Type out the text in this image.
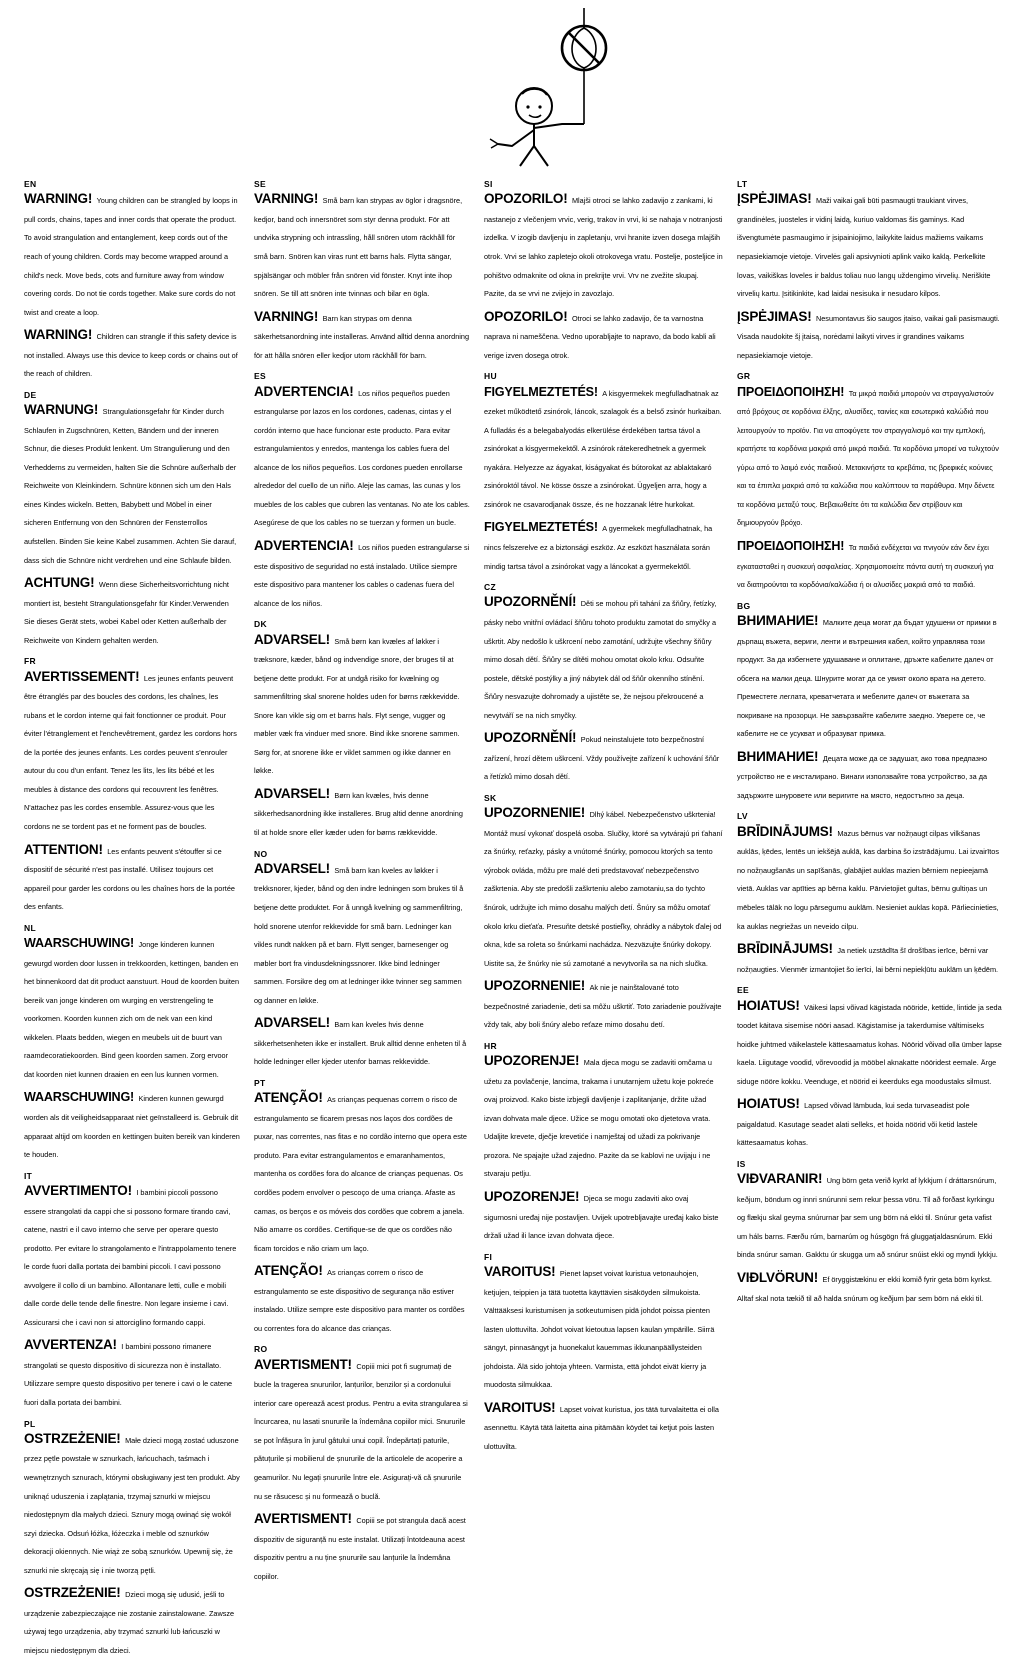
EN
WARNING! Young children can be strangled by loops in pull cords, chains, tapes and inner cords that operate the product. To avoid strangulation and entanglement, keep cords out of the reach of young children. Cords may become wrapped around a child's neck. Move beds, cots and furniture away from window covering cords. Do not tie cords together. Make sure cords do not twist and create a loop.
WARNING! Children can strangle if this safety device is not installed. Always use this device to keep cords or chains out of the reach of children.
DE
WARNUNG! Strangulationsgefahr für Kinder durch Schlaufen in Zugschnüren, Ketten, Bändern und der inneren Schnur, die dieses Produkt lenkent. Um Strangulierung und den Verhedderns zu vermeiden, halten Sie die Schnüre außerhalb der Reichweite von Kleinkindern. Schnüre können sich um den Hals eines Kindes wickeln. Betten, Babybett und Möbel in einer sicheren Entfernung von den Schnüren der Fensterrollos aufstellen. Binden Sie keine Kabel zusammen. Achten Sie darauf, dass sich die Schnüre nicht verdrehen und eine Schlaufe bilden.
ACHTUNG! Wenn diese Sicherheitsvorrichtung nicht montiert ist, besteht Strangulationsgefahr für Kinder.Verwenden Sie dieses Gerät stets, wobei Kabel oder Ketten außerhalb der Reichweite von Kindern gehalten werden.
FR
AVERTISSEMENT! Les jeunes enfants peuvent être étranglés par des boucles des cordons, les chaînes, les rubans et le cordon interne qui fait fonctionner ce produit. Pour éviter l'étranglement et l'enchevêtrement, gardez les cordons hors de la portée des jeunes enfants. Les cordes peuvent s'enrouler autour du cou d'un enfant. Tenez les lits, les lits bébé et les meubles à distance des cordons qui recouvrent les fenêtres. N'attachez pas les cordes ensemble. Assurez-vous que les cordons ne se tordent pas et ne forment pas de boucles.
ATTENTION! Les enfants peuvent s'étouffer si ce dispositif de sécurité n'est pas installé. Utilisez toujours cet appareil pour garder les cordons ou les chaînes hors de la portée des enfants.
NL
WAARSCHUWING! Jonge kinderen kunnen gewurgd worden door lussen in trekkoorden, kettingen, banden en het binnenkoord dat dit product aanstuurt. Houd de koorden buiten bereik van jonge kinderen om wurging en verstrengeling te voorkomen. Koorden kunnen zich om de nek van een kind wikkelen. Plaats bedden, wiegen en meubels uit de buurt van raamdecoratiekoorden. Bind geen koorden samen. Zorg ervoor dat koorden niet kunnen draaien en een lus kunnen vormen.
WAARSCHUWING! Kinderen kunnen gewurgd worden als dit veiligheidsapparaat niet geïnstalleerd is. Gebruik dit apparaat altijd om koorden en kettingen buiten bereik van kinderen te houden.
IT
AVVERTIMENTO! I bambini piccoli possono essere strangolati da cappi che si possono formare tirando cavi, catene, nastri e il cavo interno che serve per operare questo prodotto. Per evitare lo strangolamento e l'intrappolamento tenere le corde fuori dalla portata dei bambini piccoli. I cavi possono avvolgere il collo di un bambino. Allontanare letti, culle e mobili dalle corde delle tende delle finestre. Non legare insieme i cavi. Assicurarsi che i cavi non si attorciglino formando cappi.
AVVERTENZA! I bambini possono rimanere strangolati se questo dispositivo di sicurezza non è installato. Utilizzare sempre questo dispositivo per tenere i cavi o le catene fuori dalla portata dei bambini.
PL
OSTRZEŻENIE! Małe dzieci mogą zostać uduszone przez pętle powstałe w sznurkach, łańcuchach, taśmach i wewnętrznych sznurach, którymi obsługiwany jest ten produkt. Aby uniknąć uduszenia i zaplątania, trzymaj sznurki w miejscu niedostępnym dla małych dzieci. Sznury mogą owinąć się wokół szyi dziecka. Odsuń łóżka, łóżeczka i meble od sznurków dekoracji okiennych. Nie wiąż ze sobą sznurków. Upewnij się, że sznurki nie skręcają się i nie tworzą pętli.
OSTRZEŻENIE! Dzieci mogą się udusić, jeśli to urządzenie zabezpieczające nie zostanie zainstalowane. Zawsze używaj tego urządzenia, aby trzymać sznurki lub łańcuszki w miejscu niedostępnym dla dzieci.
SE
VARNING! Små barn kan strypas av öglor i dragsnöre, kedjor, band och innersnöret som styr denna produkt. För att undvika strypning och intrassling, håll snören utom räckhåll för små barn. Snören kan viras runt ett barns hals. Flytta sängar, spjälsängar och möbler från snören vid fönster. Knyt inte ihop snören. Se till att snören inte tvinnas och bilar en ögla.
VARNING! Barn kan strypas om denna säkerhetsanordning inte installeras. Använd alltid denna anordning för att hålla snören eller kedjor utom räckhåll för barn.
ES
ADVERTENCIA! Los niños pequeños pueden estrangularse por lazos en los cordones, cadenas, cintas y el cordón interno que hace funcionar este producto. Para evitar estrangulamientos y enredos, mantenga los cables fuera del alcance de los niños pequeños. Los cordones pueden enrollarse alrededor del cuello de un niño. Aleje las camas, las cunas y los muebles de los cables que cubren las ventanas. No ate los cables. Asegúrese de que los cables no se tuerzan y formen un bucle.
ADVERTENCIA! Los niños pueden estrangularse si este dispositivo de seguridad no está instalado. Utilice siempre este dispositivo para mantener los cables o cadenas fuera del alcance de los niños.
DK
ADVARSEL! Små børn kan kvæles af løkker i træksnore, kæder, bånd og indvendige snore, der bruges til at betjene dette produkt. For at undgå risiko for kvælning og sammenfiltring skal snorene holdes uden for børns rækkevidde. Snore kan vikle sig om et barns hals. Flyt senge, vugger og møbler væk fra vinduer med snore. Bind ikke snorene sammen. Sørg for, at snorene ikke er viklet sammen og ikke danner en løkke.
ADVARSEL! Børn kan kvæles, hvis denne sikkerhedsanordning ikke installeres. Brug altid denne anordning til at holde snore eller kæder uden for børns rækkevidde.
NO
ADVARSEL! Små barn kan kveles av løkker i trekksnorer, kjeder, bånd og den indre ledningen som brukes til å betjene dette produktet. For å unngå kvelning og sammenfiltring, hold snorene utenfor rekkevidde for små barn. Ledninger kan vikles rundt nakken på et barn. Flytt senger, barnesenger og møbler bort fra vindusdekningssnorer. Ikke bind ledninger sammen. Forsikre deg om at ledninger ikke tvinner seg sammen og danner en løkke.
ADVARSEL! Barn kan kveles hvis denne sikkerhetsenheten ikke er installert. Bruk alltid denne enheten til å holde ledninger eller kjeder utenfor barnas rekkevidde.
PT
ATENÇÃO! As crianças pequenas correm o risco de estrangulamento se ficarem presas nos laços dos cordões de puxar, nas correntes, nas fitas e no cordão interno que opera este produto. Para evitar estrangulamentos e emaranhamentos, mantenha os cordões fora do alcance de crianças pequenas. Os cordões podem envolver o pescoço de uma criança. Afaste as camas, os berços e os móveis dos cordões que cobrem a janela. Não amarre os cordões. Certifique-se de que os cordões não ficam torcidos e não criam um laço.
ATENÇÃO! As crianças correm o risco de estrangulamento se este dispositivo de segurança não estiver instalado. Utilize sempre este dispositivo para manter os cordões ou correntes fora do alcance das crianças.
RO
AVERTISMENT! Copiii mici pot fi sugrumați de bucle la tragerea snururilor, lanțurilor, benzilor și a cordonului interior care operează acest produs. Pentru a evita strangularea si încurcarea, nu lasati snururile la îndemâna copiilor mici. Snururile se pot înfășura în jurul gâtului unui copil. Îndepărtați paturile, pătuțurile și mobilierul de șnururile de la articolele de acoperire a geamurilor. Nu legați șnururile între ele. Asigurați-vă că șnururile nu se răsucesc și nu formează o buclă.
AVERTISMENT! Copiii se pot strangula dacă acest dispozitiv de siguranță nu este instalat. Utilizați întotdeauna acest dispozitiv pentru a nu ține șnururile sau lanțurile la îndemâna copiilor.
SI
OPOZORILO! Mlajši otroci se lahko zadavijo z zankami, ki nastanejo z vlečenjem vrvic, verig, trakov in vrvi, ki se nahaja v notranjosti izdelka. V izogib davljenju in zapletanju, vrvi hranite izven dosega mlajših otrok. Vrvi se lahko zapletejo okoli otrokovega vratu. Postelje, posteljice in pohištvo odmaknite od okna in prekrijte vrvi. Vrv ne zvežite skupaj. Pazite, da se vrvi ne zvijejo in zavozlajo.
OPOZORILO! Otroci se lahko zadavijo, če ta varnostna naprava ni nameščena. Vedno uporabljajte to napravo, da bodo kabli ali verige izven dosega otrok.
HU
FIGYELMEZTETÉS! A kisgyermekek megfulladhatnak az ezeket működtető zsinórok, láncok, szalagok és a belső zsinór hurkaiban. A fulladás és a belegabalyodás elkerülése érdekében tartsa távol a zsinórokat a kisgyermekektől. A zsinórok rátekeredhetnek a gyermek nyakára. Helyezze az ágyakat, kiságyakat és bútorokat az ablaktakaró zsinóroktól távol. Ne kösse össze a zsinórokat. Ügyeljen arra, hogy a zsinórok ne csavarodjanak össze, és ne hozzanak létre hurkokat.
FIGYELMEZTETÉS! A gyermekek megfulladhatnak, ha nincs felszerelve ez a biztonsági eszköz. Az eszközt használata során mindig tartsa távol a zsinórokat vagy a láncokat a gyermekektől.
CZ
UPOZORNĚNÍ! Děti se mohou při tahání za šňůry, řetízky, pásky nebo vnitřní ovládací šňůru tohoto produktu zamotat do smyčky a uškrtit. Aby nedošlo k uškrcení nebo zamotání, udržujte všechny šňůry mimo dosah dětí. Šňůry se dítěti mohou omotat okolo krku. Odsuňte postele, dětské postýlky a jiný nábytek dál od šňůr okenního stínění. Šňůry nesvazujte dohromady a ujistěte se, že nejsou překroucené a nevytváří se na nich smyčky.
UPOZORNĚNÍ! Pokud neinstalujete toto bezpečnostní zařízení, hrozí dětem uškrcení. Vždy používejte zařízení k uchování šňůr a řetízků mimo dosah dětí.
SK
UPOZORNENIE! Dlhý kábel. Nebezpečenstvo uškrtenia! Montáž musí vykonať dospelá osoba. Slučky, ktoré sa vytvárajú pri ťahaní za šnúrky, reťazky, pásky a vnútorné šnúrky, pomocou ktorých sa tento výrobok ovláda, môžu pre malé deti predstavovať nebezpečenstvo zaškrtenia. Aby ste predošli zaškrteniu alebo zamotaniu,sa do tychto šnúrok, udržujte ich mimo dosahu malých detí. Šnúry sa môžu omotať okolo krku dieťaťa. Presuňte detské postieľky, ohrádky a nábytok ďalej od okna, kde sa roleta so šnúrkami nachádza. Nezväzujte šnúrky dokopy. Uistite sa, že šnúrky nie sú zamotané a nevytvorila sa na nich slučka.
UPOZORNENIE! Ak nie je nainštalované toto bezpečnostné zariadenie, deti sa môžu uškrtiť. Toto zariadenie používajte vždy tak, aby boli šnúry alebo reťaze mimo dosahu detí.
HR
UPOZORENJE! Mala djeca mogu se zadaviti omčama u užetu za povlačenje, lancima, trakama i unutarnjem užetu koje pokreće ovaj proizvod. Kako biste izbjegli davljenje i zaplitanjanje, držite užad izvan dohvata male djece. Užice se mogu omotati oko djetetova vrata. Udaljite krevete, dječje krevetiće i namještaj od užadi za pokrivanje prozora. Ne spajajte užad zajedno. Pazite da se kablovi ne uvijaju i ne stvaraju petlju.
UPOZORENJE! Djeca se mogu zadaviti ako ovaj sigurnosni uređaj nije postavljen. Uvijek upotrebljavajte uređaj kako biste držali užad ili lance izvan dohvata djece.
FI
VAROITUS! Pienet lapset voivat kuristua vetonauhojen, ketjujen, teippien ja tätä tuotetta käyttävien sisäköyden silmukoista. Välttääksesi kuristumisen ja sotkeutumisen pidä johdot poissa pienten lasten ulottuvilta. Johdot voivat kietoutua lapsen kaulan ympärille. Siirrä sängyt, pinnasängyt ja huonekalut kauemmas ikkunanpäällysteiden johdoista. Älä sido johtoja yhteen. Varmista, että johdot eivät kierry ja muodosta silmukkaa.
VAROITUS! Lapset voivat kuristua, jos tätä turvalaitetta ei olla asennettu. Käytä tätä laitetta aina pitämään köydet tai ketjut pois lasten ulottuvilta.
LT
ĮSPĖJIMAS! Maži vaikai gali būti pasmaugti traukiant virves, grandinėles, juosteles ir vidinį laidą, kuriuo valdomas šis gaminys. Kad išvengtumėte pasmaugimo ir įsipainiojimo, laikykite laidus mažiems vaikams nepasiekiamoje vietoje. Virvelės gali apsivynioti aplink vaiko kaklą. Perkelkite lovas, vaikiškas loveles ir baldus toliau nuo langų uždengimo virvelių. Neriškite virvelių kartu. Įsitikinkite, kad laidai nesisuka ir nesudaro kilpos.
ĮSPĖJIMAS! Nesumontavus šio saugos įtaiso, vaikai gali pasismaugti. Visada naudokite šį įtaisą, norėdami laikyti virves ir grandines vaikams nepasiekiamoje vietoje.
GR
ΠΡΟΕΙΔΟΠΟΙΗΣΗ! Τα μικρά παιδιά μπορούν να στραγγαλιστούν από βρόχους σε κορδόνια έλξης, αλυσίδες, ταινίες και εσωτερικά καλώδιά που λειτουργούν το προϊόν. Για να αποφύγετε τον στραγγαλισμό και την εμπλοκή, κρατήστε τα κορδόνια μακριά από μικρά παιδιά. Τα κορδόνια μπορεί να τυλιχτούν γύρω από το λαιμό ενός παιδιού. Μετακινήστε τα κρεβάτια, τις βρεφικές κούνιες και τα έπιπλα μακριά από τα καλώδια που καλύπτουν τα παράθυρα. Μην δένετε τα κορδόνια μεταξύ τους. Βεβαιωθείτε ότι τα καλώδια δεν στρίβουν και δημιουργούν βρόχο.
ΠΡΟΕΙΔΟΠΟΙΗΣΗ! Τα παιδιά ενδέχεται να πνιγούν εάν δεν έχει εγκατασταθεί η συσκευή ασφαλείας. Χρησιμοποιείτε πάντα αυτή τη συσκευή για να διατηρούνται τα κορδόνια/καλώδια ή οι αλυσίδες μακριά από τα παιδιά.
BG
ВНИМАНИЕ! Малките деца могат да бъдат удушени от примки в дърпащ въжета, вериги, ленти и вътрешния кабел, който управлява този продукт. За да избегнете удушаване и оплитане, дръжте кабелите далеч от обсега на малки деца. Шнурите могат да се увият около врата на детето. Преместете леглата, креватчетата и мебелите далеч от въжетата за покриване на прозорци. Не завързвайте кабелите заедно. Уверете се, че кабелите не се усукват и образуват примка.
ВНИМАНИЕ! Децата може да се задушат, ако това предпазно устройство не е инсталирано. Винаги използвайте това устройство, за да задържите шнуровете или веригите на място, недостъпно за деца.
LV
BRĪDINĀJUMS! Mazus bērnus var nožņaugt cilpas vilkšanas auklās, ķēdes, lentēs un iekšējā auklā, kas darbina šo izstrādājumu. Lai izvairītos no nožņaugšanās un sapīšanās, glabājiet auklas mazien bērniem nepieejamā vietā. Auklas var aptīties ap bērna kaklu. Pārvietojiet gultas, bērnu gultiņas un mēbeles tālāk no logu pārsegumu auklām. Nesieniet auklas kopā. Pārliecinieties, ka auklas negriežas un neveido cilpu.
BRĪDINĀJUMS! Ja netiek uzstādīta šī drošības ierīce, bērni var nožņaugties. Vienmēr izmantojiet šo ierīci, lai bērni nepiekļūtu auklām un ķēdēm.
EE
HOIATUS! Väikesi lapsi võivad kägistada nööride, kettide, lintide ja seda toodet käitava sisemise nööri aasad. Kägistamise ja takerdumise vältimiseks hoidke juhtmed väikelastele kättesaamatus kohas. Nöörid võivad olla ümber lapse kaela. Liigutage voodid, võrevoodid ja mööbel aknakatte nööridest eemale. Ärge siduge nööre kokku. Veenduge, et nöörid ei keerduks ega moodustaks silmust.
HOIATUS! Lapsed võivad lämbuda, kui seda turvaseadist pole paigaldatud. Kasutage seadet alati selleks, et hoida nöörid või ketid lastele kättesaamatus kohas.
IS
VIÐVARANIR! Ung börn geta verið kyrkt af lykkjum í dráttarsnúrum, keðjum, böndum og innri snúrunni sem rekur þessa vöru. Til að forðast kyrkingu og flækju skal geyma snúrurnar þar sem ung börn ná ekki til. Snúrur geta vafist um háls barns. Færðu rúm, barnarúm og húsgögn frá gluggatjaldasnúrum. Ekki binda snúrur saman. Gakktu úr skugga um að snúrur snúist ekki og myndi lykkju.
VIÐLVÖRUN! Ef öryggistækinu er ekki komið fyrir geta börn kyrkst. Alltaf skal nota tækið til að halda snúrum og keðjum þar sem börn ná ekki til.
